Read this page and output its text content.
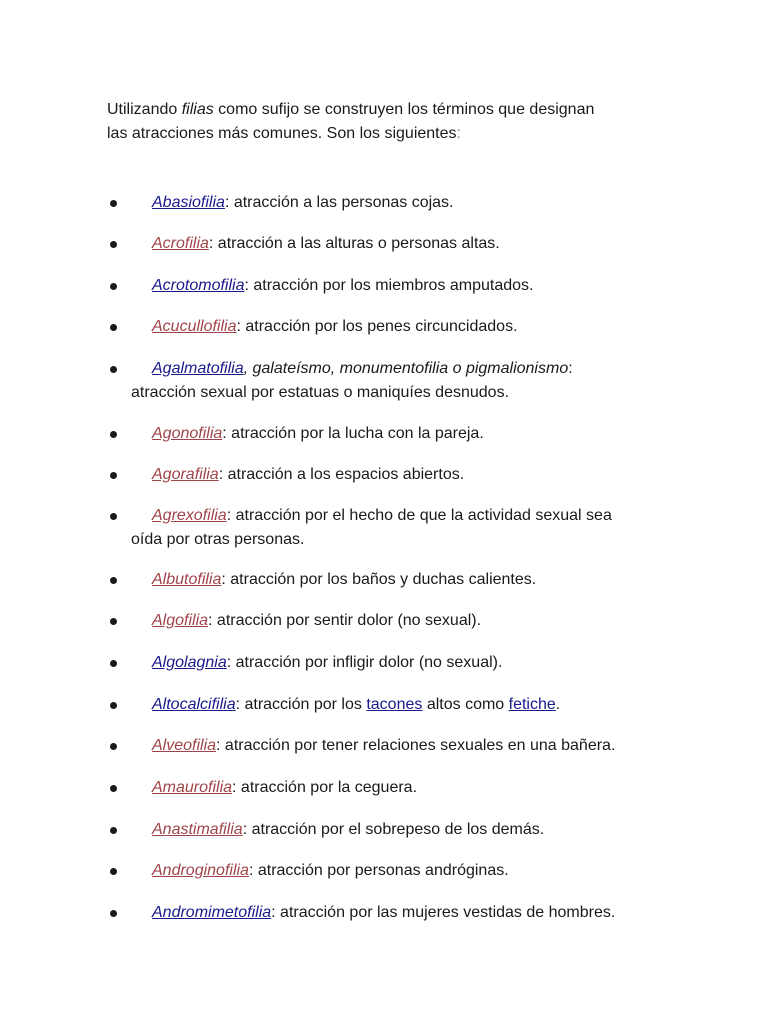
Utilizando filias como sufijo se construyen los términos que designan
las atracciones más comunes. Son los siguientes:

Abasiofilia: atracción a las personas cojas.
Acrofilia: atracción a las alturas o personas altas.
Acrotomofilia: atracción por los miembros amputados.
Acucullofilia: atracción por los penes circuncidados.
Agalmatofilia, galateísmo, monumentofilia o pigmalionismo:
atracción sexual por estatuas o maniquíes desnudos.
Agonofilia: atracción por la lucha con la pareja.
Agorafilia: atracción a los espacios abiertos.
Agrexofilia: atracción por el hecho de que la actividad sexual sea
oída por otras personas.
Albutofilia: atracción por los baños y duchas calientes.
Algofilia: atracción por sentir dolor (no sexual).
Algolagnia: atracción por infligir dolor (no sexual).
Altocalcifilia: atracción por los tacones altos como fetiche.
Alveofilia: atracción por tener relaciones sexuales en una bañera.
Amaurofilia: atracción por la ceguera.
Anastimafilia: atracción por el sobrepeso de los demás.
Androginofilia: atracción por personas andróginas.
Andromimetofilia: atracción por las mujeres vestidas de hombres.
